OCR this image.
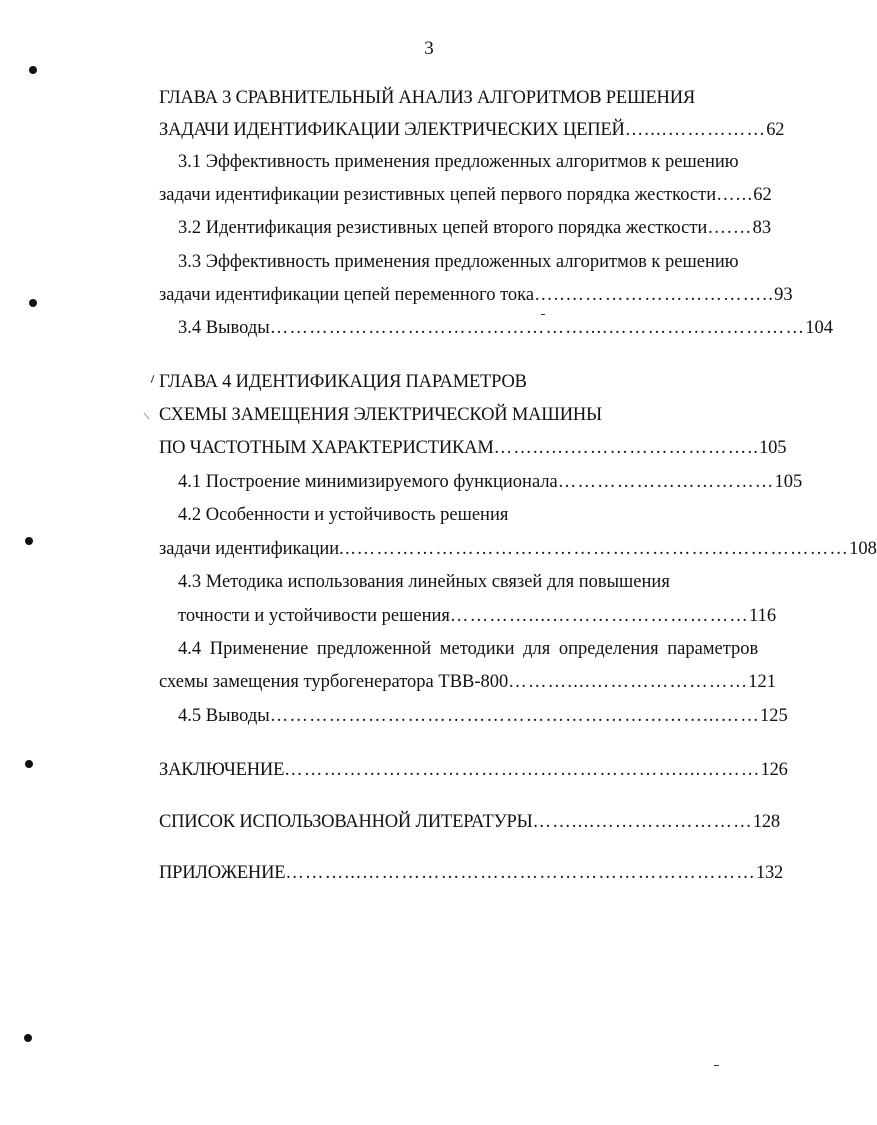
3
ГЛАВА 3 СРАВНИТЕЛЬНЫЙ АНАЛИЗ АЛГОРИТМОВ РЕШЕНИЯ
ЗАДАЧИ ИДЕНТИФИКАЦИИ ЭЛЕКТРИЧЕСКИХ ЦЕПЕЙ ……………....… 62
3.1 Эффективность применения предложенных алгоритмов к решению
задачи идентификации резистивных цепей первого порядка жесткости ...… 62
3.2 Идентификация резистивных цепей второго порядка жесткости ….… 83
3.3 Эффективность применения предложенных алгоритмов к решению
задачи идентификации цепей переменного тока ..…………………………..… 93
3.4 Выводы …………………………....………………………………………… 104
ГЛАВА 4 ИДЕНТИФИКАЦИЯ ПАРАМЕТРОВ
СХЕМЫ ЗАМЕЩЕНИЯ ЭЛЕКТРИЧЕСКОЙ МАШИНЫ
ПО ЧАСТОТНЫМ ХАРАКТЕРИСТИКАМ ..……………………….…..…… 105
4.1 Построение минимизируемого функционала …………………………… 105
4.2 Особенности и устойчивость решения
задачи идентификации …………………………………………………………………... 108
4.3 Методика использования линейных связей для повышения
точности и устойчивости решения …………………………....………… 116
4.4 Применение предложенной методики для определения параметров
схемы замещения турбогенератора ТВВ-800 ……………………....……… 121
4.5 Выводы ……...………………………………………………………… 125
ЗАКЛЮЧЕНИЕ ………....…………………………………………………… 126
СПИСОК ИСПОЛЬЗОВАННОЙ ЛИТЕРАТУРЫ ……………………....…… 128
ПРИЛОЖЕНИЕ ……………………………………………………...……… 132
